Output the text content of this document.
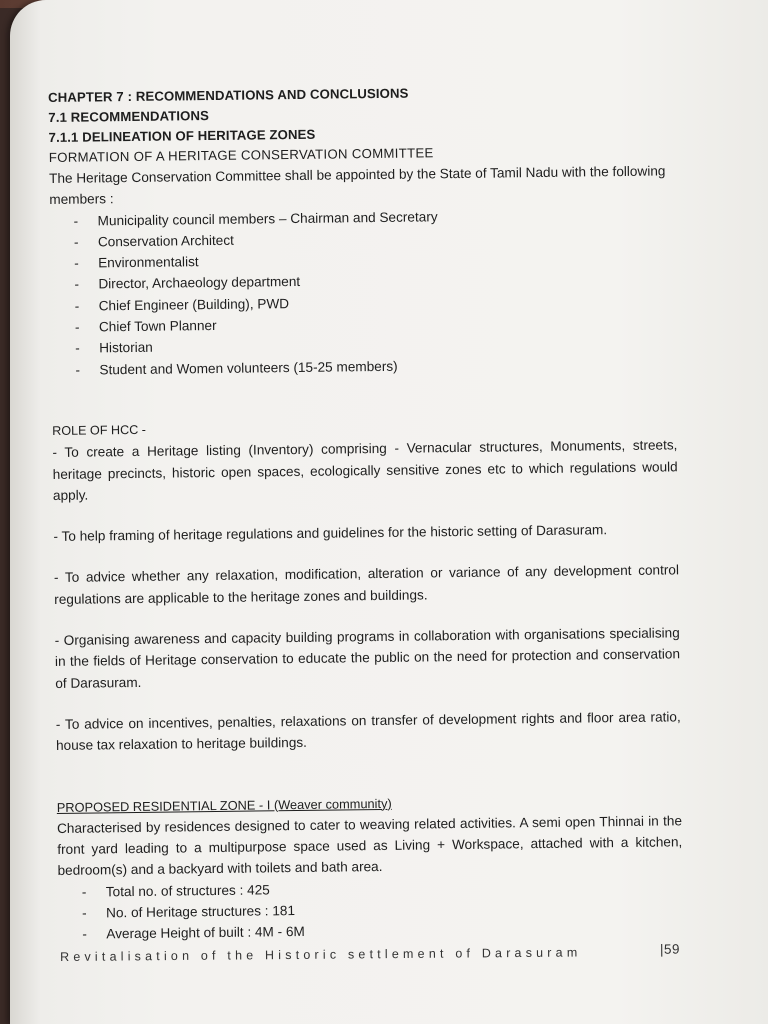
CHAPTER 7 : RECOMMENDATIONS AND CONCLUSIONS

7.1 RECOMMENDATIONS

7.1.1 DELINEATION OF HERITAGE ZONES

FORMATION OF A HERITAGE CONSERVATION COMMITTEE

The Heritage Conservation Committee shall be appointed by the State of Tamil Nadu with the following members :

- Municipality council members – Chairman and Secretary
- Conservation Architect
- Environmentalist
- Director, Archaeology department
- Chief Engineer (Building), PWD
- Chief Town Planner
- Historian
- Student and Women volunteers (15-25 members)

ROLE OF HCC -

- To create a Heritage listing (Inventory) comprising - Vernacular structures, Monuments, streets, heritage precincts, historic open spaces, ecologically sensitive zones etc to which regulations would apply.

- To help framing of heritage regulations and guidelines for the historic setting of Darasuram.

- To advice whether any relaxation, modification, alteration or variance of any development control regulations are applicable to the heritage zones and buildings.

- Organising awareness and capacity building programs in collaboration with organisations specialising in the fields of Heritage conservation to educate the public on the need for protection and conservation of Darasuram.

- To advice on incentives, penalties, relaxations on transfer of development rights and floor area ratio, house tax relaxation to heritage buildings.

PROPOSED RESIDENTIAL ZONE - I (Weaver community)

Characterised by residences designed to cater to weaving related activities. A semi open Thinnai in the front yard leading to a multipurpose space used as Living + Workspace, attached with a kitchen, bedroom(s) and a backyard with toilets and bath area.

- Total no. of structures : 425
- No. of Heritage structures : 181
- Average Height of built : 4M - 6M
Revitalisation of the Historic settlement of Darasuram	|59
